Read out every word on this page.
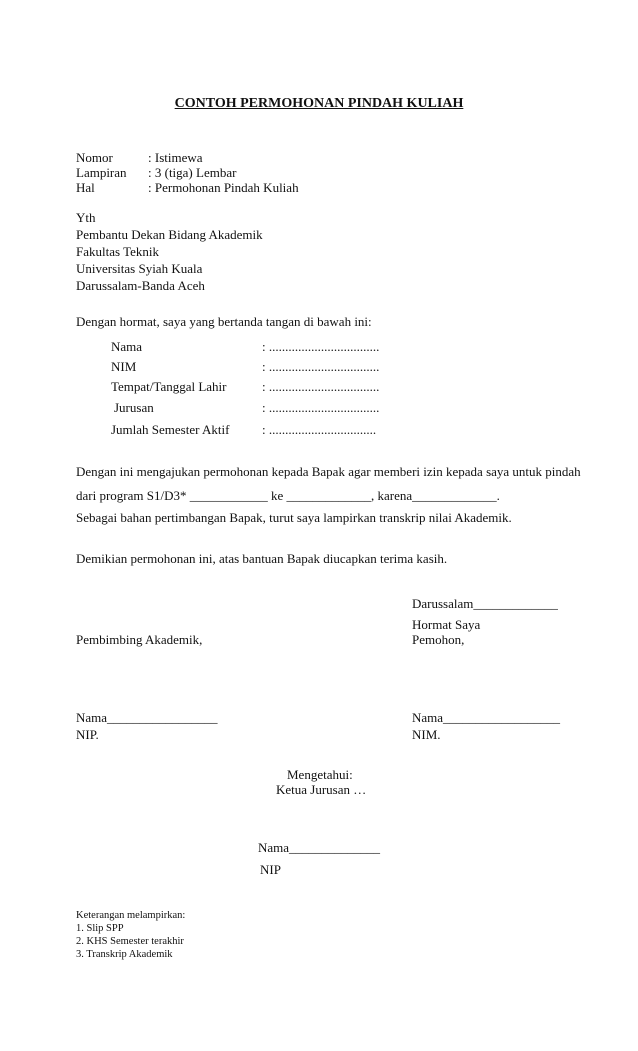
CONTOH PERMOHONAN PINDAH KULIAH
Nomor	: Istimewa
Lampiran : 3 (tiga) Lembar
Hal	: Permohonan Pindah Kuliah
Yth
Pembantu Dekan Bidang Akademik
Fakultas Teknik
Universitas Syiah Kuala
Darussalam-Banda Aceh
Dengan hormat, saya yang bertanda tangan di bawah ini:
Nama	: ..................................
NIM	: ..................................
Tempat/Tanggal Lahir	: ..................................
Jurusan	: ..................................
Jumlah Semester Aktif	: .................................
Dengan ini mengajukan permohonan kepada Bapak agar memberi izin kepada saya untuk pindah
dari program S1/D3* ____________ ke _____________, karena_____________.
Sebagai bahan pertimbangan Bapak, turut saya lampirkan transkrip nilai Akademik.
Demikian permohonan ini, atas bantuan Bapak diucapkan terima kasih.
Darussalam_____________
Hormat Saya
Pemohon,
Pembimbing Akademik,
Nama_________________
NIP.
Nama__________________
NIM.
Mengetahui:
Ketua Jurusan …
Nama______________
NIP
Keterangan melampirkan:
1. Slip SPP
2. KHS Semester terakhir
3. Transkrip Akademik
